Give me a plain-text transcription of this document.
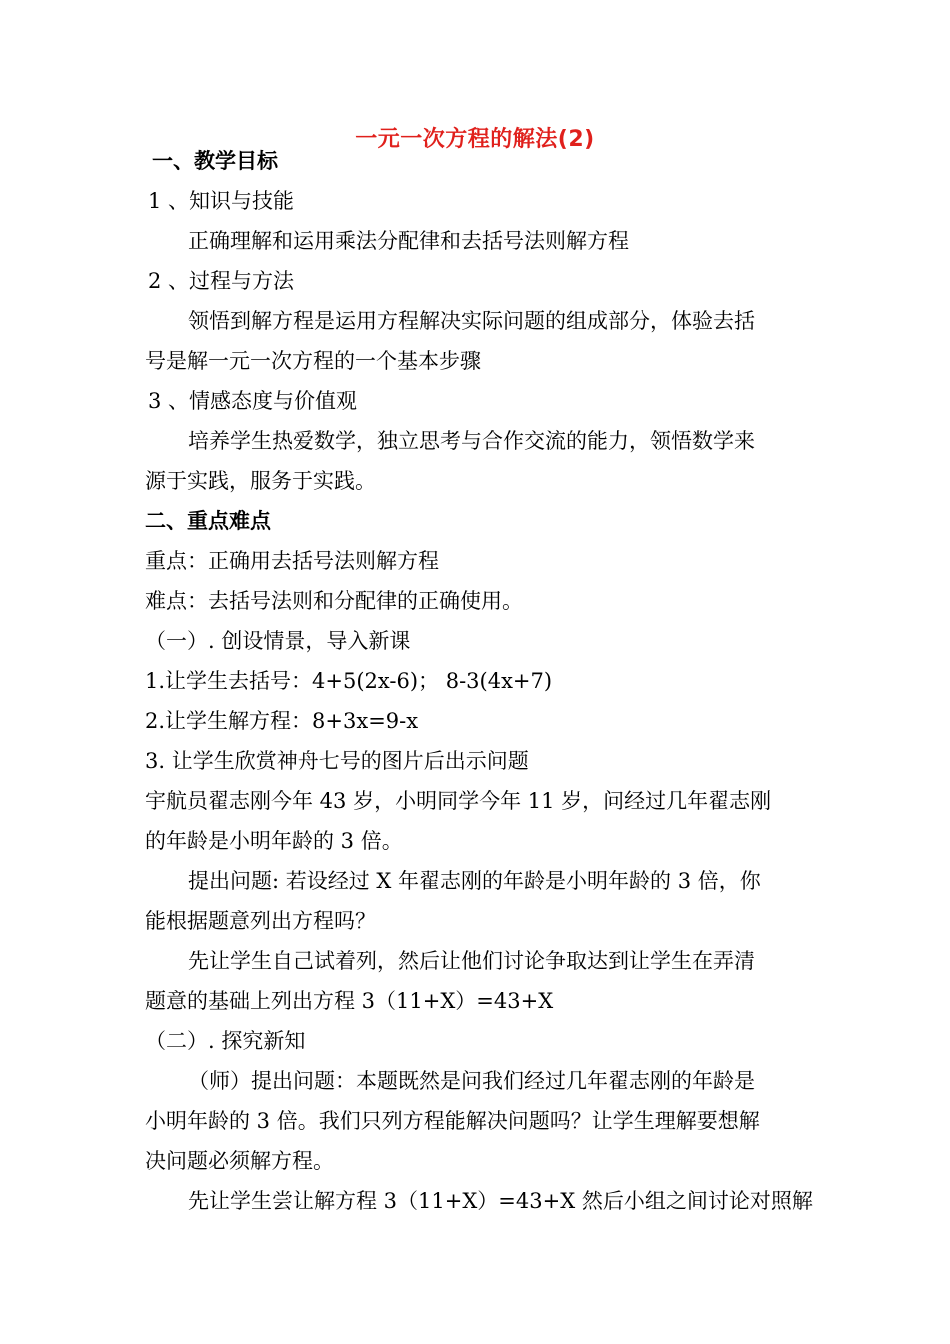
一元一次方程的解法(2)
一、教学目标
1 、知识与技能
正确理解和运用乘法分配律和去括号法则解方程
2 、过程与方法
领悟到解方程是运用方程解决实际问题的组成部分，体验去括
号是解一元一次方程的一个基本步骤
3 、情感态度与价值观
培养学生热爱数学，独立思考与合作交流的能力，领悟数学来
源于实践，服务于实践。
二、重点难点
重点：正确用去括号法则解方程
难点：去括号法则和分配律的正确使用。
（一）. 创设情景，导入新课
1.让学生去括号：4+5(2x-6)； 8-3(4x+7)
2.让学生解方程：8+3x=9-x
3. 让学生欣赏神舟七号的图片后出示问题
宇航员翟志刚今年 43 岁，小明同学今年 11 岁，问经过几年翟志刚
的年龄是小明年龄的 3 倍。
提出问题: 若设经过 X 年翟志刚的年龄是小明年龄的 3 倍，你
能根据题意列出方程吗？
先让学生自己试着列，然后让他们讨论争取达到让学生在弄清
题意的基础上列出方程 3（11+X）=43+X
（二）. 探究新知
（师）提出问题：本题既然是问我们经过几年翟志刚的年龄是
小明年龄的 3 倍。我们只列方程能解决问题吗？让学生理解要想解
决问题必须解方程。
先让学生尝让解方程 3（11+X）=43+X 然后小组之间讨论对照解
